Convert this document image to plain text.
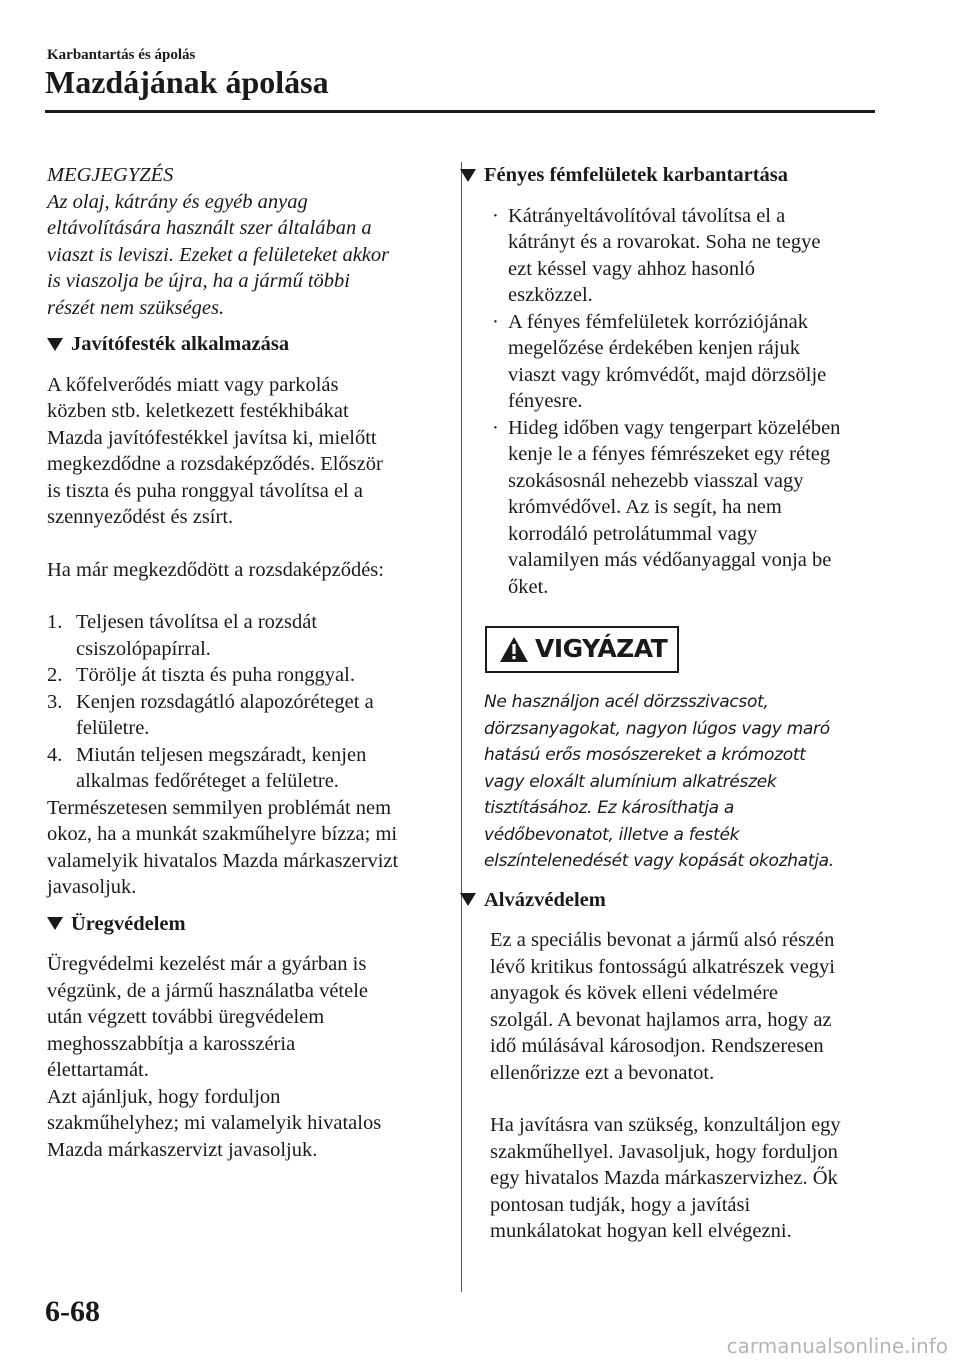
Karbantartás és ápolás
Mazdájának ápolása
MEGJEGYZÉS
Az olaj, kátrány és egyéb anyag
eltávolítására használt szer általában a
viaszt is leviszi. Ezeket a felületeket akkor
is viaszolja be újra, ha a jármű többi
részét nem szükséges.
Javítófesték alkalmazása
A kőfelverődés miatt vagy parkolás
közben stb. keletkezett festékhibákat
Mazda javítófestékkel javítsa ki, mielőtt
megkezdődne a rozsdaképződés. Először
is tiszta és puha ronggyal távolítsa el a
szennyeződést és zsírt.
Ha már megkezdődött a rozsdaképződés:
1. Teljesen távolítsa el a rozsdát
csiszolópapírral.
2. Törölje át tiszta és puha ronggyal.
3. Kenjen rozsdagátló alapozóréteget a
felületre.
4. Miután teljesen megszáradt, kenjen
alkalmas fedőréteget a felületre.
Természetesen semmilyen problémát nem
okoz, ha a munkát szakműhelyre bízza; mi
valamelyik hivatalos Mazda márkaszervizt
javasoljuk.
Üregvédelem
Üregvédelmi kezelést már a gyárban is
végzünk, de a jármű használatba vétele
után végzett további üregvédelem
meghosszabbítja a karosszéria
élettartamát.
Azt ajánljuk, hogy forduljon
szakműhelyhez; mi valamelyik hivatalos
Mazda márkaszervizt javasoljuk.
Fényes fémfelületek karbantartása
· Kátrányeltávolítóval távolítsa el a
kátrányt és a rovarokat. Soha ne tegye
ezt késsel vagy ahhoz hasonló
eszközzel.
· A fényes fémfelületek korróziójának
megelőzése érdekében kenjen rájuk
viaszt vagy krómvédőt, majd dörzsölje
fényesre.
· Hideg időben vagy tengerpart közelében
kenje le a fényes fémrészeket egy réteg
szokásosnál nehezebb viasszal vagy
krómvédővel. Az is segít, ha nem
korrodáló petrolátummal vagy
valamilyen más védőanyaggal vonja be
őket.
VIGYÁZAT
Ne használjon acél dörzsszivacsot,
dörzsanyagokat, nagyon lúgos vagy maró
hatású erős mosószereket a krómozott
vagy eloxált alumínium alkatrészek
tisztításához. Ez károsíthatja a
védőbevonatot, illetve a festék
elszíntelenedését vagy kopását okozhatja.
Alvázvédelem
Ez a speciális bevonat a jármű alsó részén
lévő kritikus fontosságú alkatrészek vegyi
anyagok és kövek elleni védelmére
szolgál. A bevonat hajlamos arra, hogy az
idő múlásával károsodjon. Rendszeresen
ellenőrizze ezt a bevonatot.
Ha javításra van szükség, konzultáljon egy
szakműhellyel. Javasoljuk, hogy forduljon
egy hivatalos Mazda márkaszervizhez. Ők
pontosan tudják, hogy a javítási
munkálatokat hogyan kell elvégezni.
6-68
carmanualsonline.info
